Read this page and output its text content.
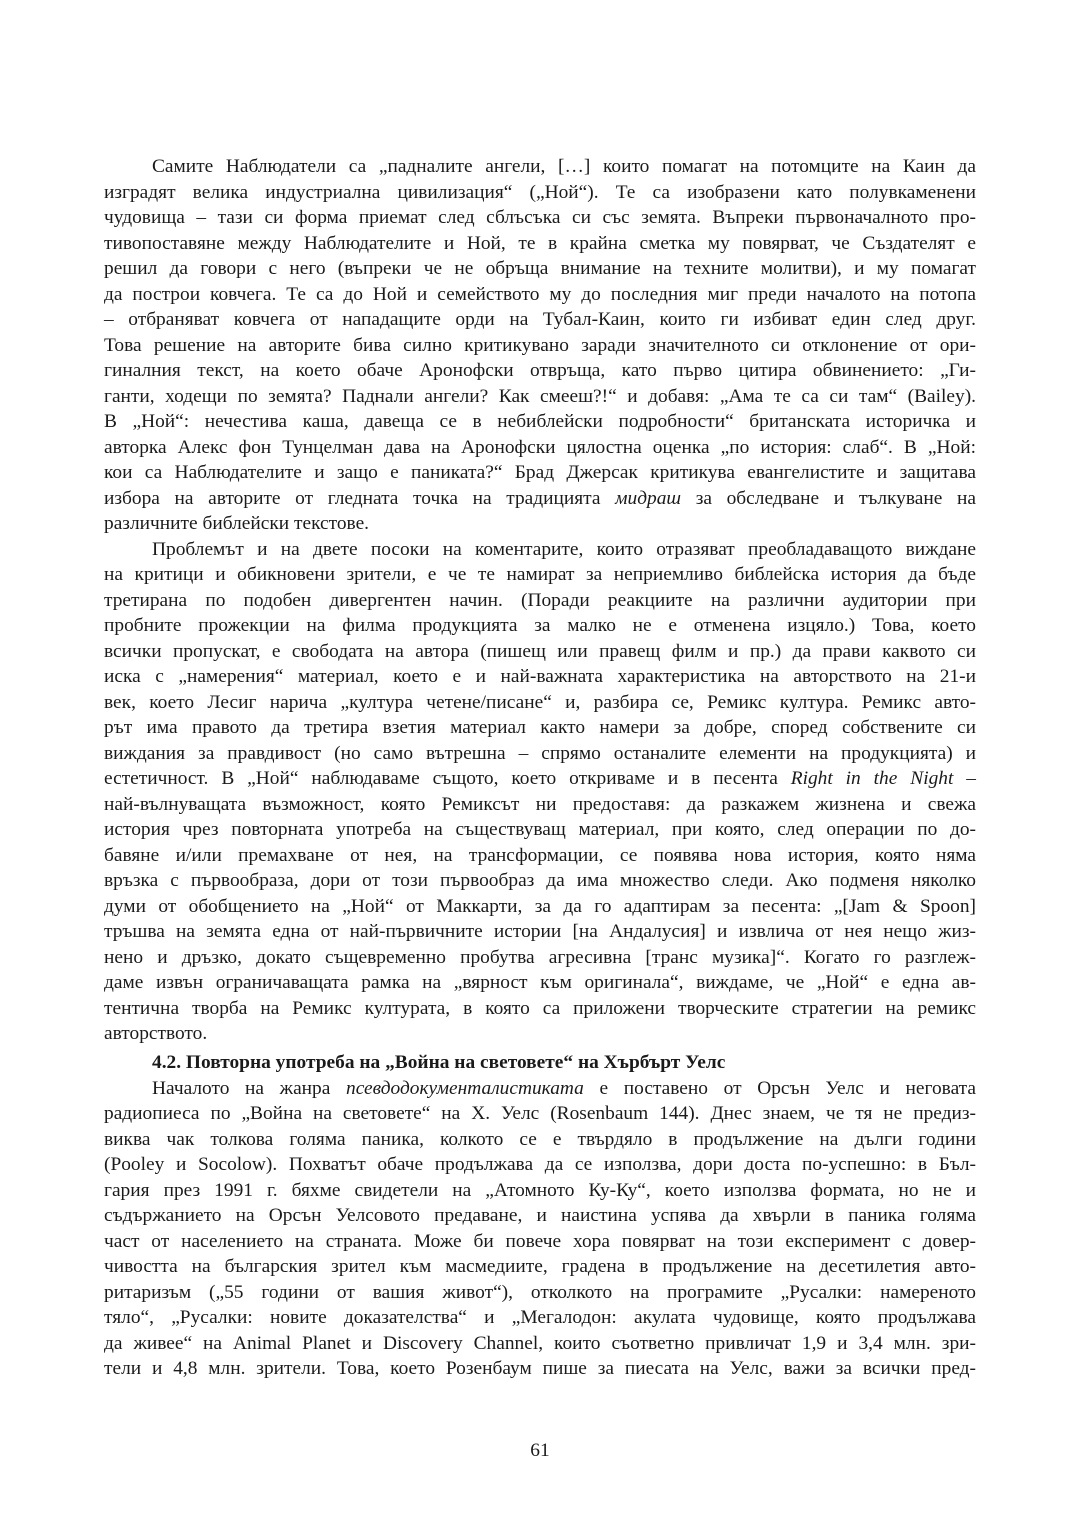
Самите Наблюдатели са „падналите ангели, […] които помагат на потомците на Каин да
изградят велика индустриална цивилизация“ („Ной“). Те са изобразени като полувкаменени
чудовища – тази си форма приемат след сблъсъка си със земята. Въпреки първоначалното про-
тивопоставяне между Наблюдателите и Ной, те в крайна сметка му повярват, че Създателят е
решил да говори с него (въпреки че не обръща внимание на техните молитви), и му помагат
да построи ковчега. Те са до Ной и семейството му до последния миг преди началото на потопа
– отбраняват ковчега от нападащите орди на Тубал-Каин, които ги избиват един след друг.
Това решение на авторите бива силно критикувано заради значителното си отклонение от ори-
гиналния текст, на което обаче Аронофски отвръща, като първо цитира обвинението: „Ги-
ганти, ходещи по земята? Паднали ангели? Как смееш?!“ и добавя: „Ама те са си там“ (Bailey).
В „Ной“: нечестива каша, давеща се в небиблейски подробности“ британската историчка и
авторка Алекс фон Тунцелман дава на Аронофски цялостна оценка „по история: слаб“. В „Ной:
кои са Наблюдателите и защо е паниката?“ Брад Джерсак критикува евангелистите и защитава
избора на авторите от гледната точка на традицията мидраш за обследване и тълкуване на
различните библейски текстове.
Проблемът и на двете посоки на коментарите, които отразяват преобладаващото виждане
на критици и обикновени зрители, е че те намират за неприемливо библейска история да бъде
третирана по подобен дивергентен начин. (Поради реакциите на различни аудитории при
пробните прожекции на филма продукцията за малко не е отменена изцяло.) Това, което
всички пропускат, е свободата на автора (пишещ или правещ филм и пр.) да прави каквото си
иска с „намерения“ материал, което е и най-важната характеристика на авторството на 21-и
век, което Лесиг нарича „култура четене/писане“ и, разбира се, Ремикс култура. Ремикс авто-
рът има правото да третира взетия материал както намери за добре, според собствените си
виждания за правдивост (но само вътрешна – спрямо останалите елементи на продукцията) и
естетичност. В „Ной“ наблюдаваме същото, което откриваме и в песента Right in the Night –
най-вълнуващата възможност, която Ремиксът ни предоставя: да разкажем жизнена и свежа
история чрез повторната употреба на съществуващ материал, при която, след операции по до-
бавяне и/или премахване от нея, на трансформации, се появява нова история, която няма
връзка с първообраза, дори от този първообраз да има множество следи. Ако подменя няколко
думи от обобщението на „Ной“ от Маккарти, за да го адаптирам за песента: „[Jam & Spoon]
тръшва на земята една от най-първичните истории [на Андалусия] и извлича от нея нещо жиз-
нено и дръзко, докато същевременно пробутва агресивна [транс музика]“. Когато го разглеж-
даме извън ограничаващата рамка на „вярност към оригинала“, виждаме, че „Ной“ е една ав-
тентична творба на Ремикс културата, в която са приложени творческите стратегии на ремикс
авторството.
4.2. Повторна употреба на „Война на световете“ на Хърбърт Уелс
Началото на жанра псевдодокументалистиката е поставено от Орсън Уелс и неговата
радиопиеса по „Война на световете“ на Х. Уелс (Rosenbaum 144). Днес знаем, че тя не предиз-
виква чак толкова голяма паника, колкото се е твърдяло в продължение на дълги години
(Pooley и Socolow). Похватът обаче продължава да се използва, дори доста по-успешно: в Бъл-
гария през 1991 г. бяхме свидетели на „Атомното Ку-Ку“, което използва формата, но не и
съдържанието на Орсън Уелсовото предаване, и наистина успява да хвърли в паника голяма
част от населението на страната. Може би повече хора повярват на този експеримент с довер-
чивостта на българския зрител към масмедиите, градена в продължение на десетилетия авто-
ритаризъм („55 години от вашия живот“), отколкото на програмите „Русалки: намереното
тяло“, „Русалки: новите доказателства“ и „Мегалодон: акулата чудовище, която продължава
да живее“ на Animal Planet и Discovery Channel, които съответно привличат 1,9 и 3,4 млн. зри-
тели и 4,8 млн. зрители. Това, което Розенбаум пише за пиесата на Уелс, важи за всички пред-
61
